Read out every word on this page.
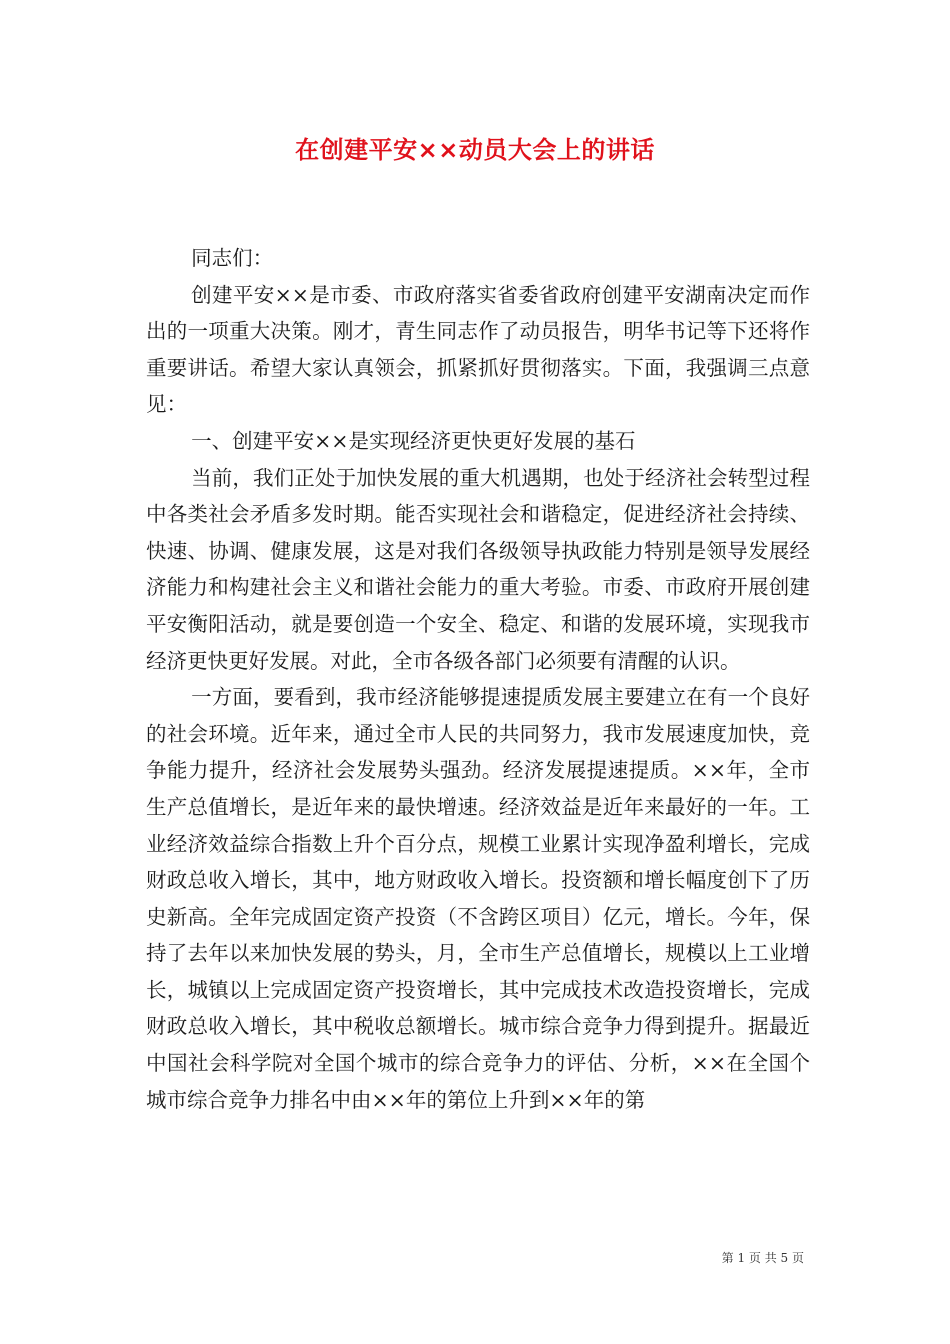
在创建平安××动员大会上的讲话

同志们：

创建平安××是市委、市政府落实省委省政府创建平安湖南决定而作出的一项重大决策。刚才，青生同志作了动员报告，明华书记等下还将作重要讲话。希望大家认真领会，抓紧抓好贯彻落实。下面，我强调三点意见：

一、创建平安××是实现经济更快更好发展的基石

当前，我们正处于加快发展的重大机遇期，也处于经济社会转型过程中各类社会矛盾多发时期。能否实现社会和谐稳定，促进经济社会持续、快速、协调、健康发展，这是对我们各级领导执政能力特别是领导发展经济能力和构建社会主义和谐社会能力的重大考验。市委、市政府开展创建平安衡阳活动，就是要创造一个安全、稳定、和谐的发展环境，实现我市经济更快更好发展。对此，全市各级各部门必须要有清醒的认识。

一方面，要看到，我市经济能够提速提质发展主要建立在有一个良好的社会环境。近年来，通过全市人民的共同努力，我市发展速度加快，竞争能力提升，经济社会发展势头强劲。经济发展提速提质。××年，全市生产总值增长，是近年来的最快增速。经济效益是近年来最好的一年。工业经济效益综合指数上升个百分点，规模工业累计实现净盈利增长，完成财政总收入增长，其中，地方财政收入增长。投资额和增长幅度创下了历史新高。全年完成固定资产投资（不含跨区项目）亿元，增长。今年，保持了去年以来加快发展的势头，月，全市生产总值增长，规模以上工业增长，城镇以上完成固定资产投资增长，其中完成技术改造投资增长，完成财政总收入增长，其中税收总额增长。城市综合竞争力得到提升。据最近中国社会科学院对全国个城市的综合竞争力的评估、分析，××在全国个城市综合竞争力排名中由××年的第位上升到××年的第

第 1 页 共 5 页
